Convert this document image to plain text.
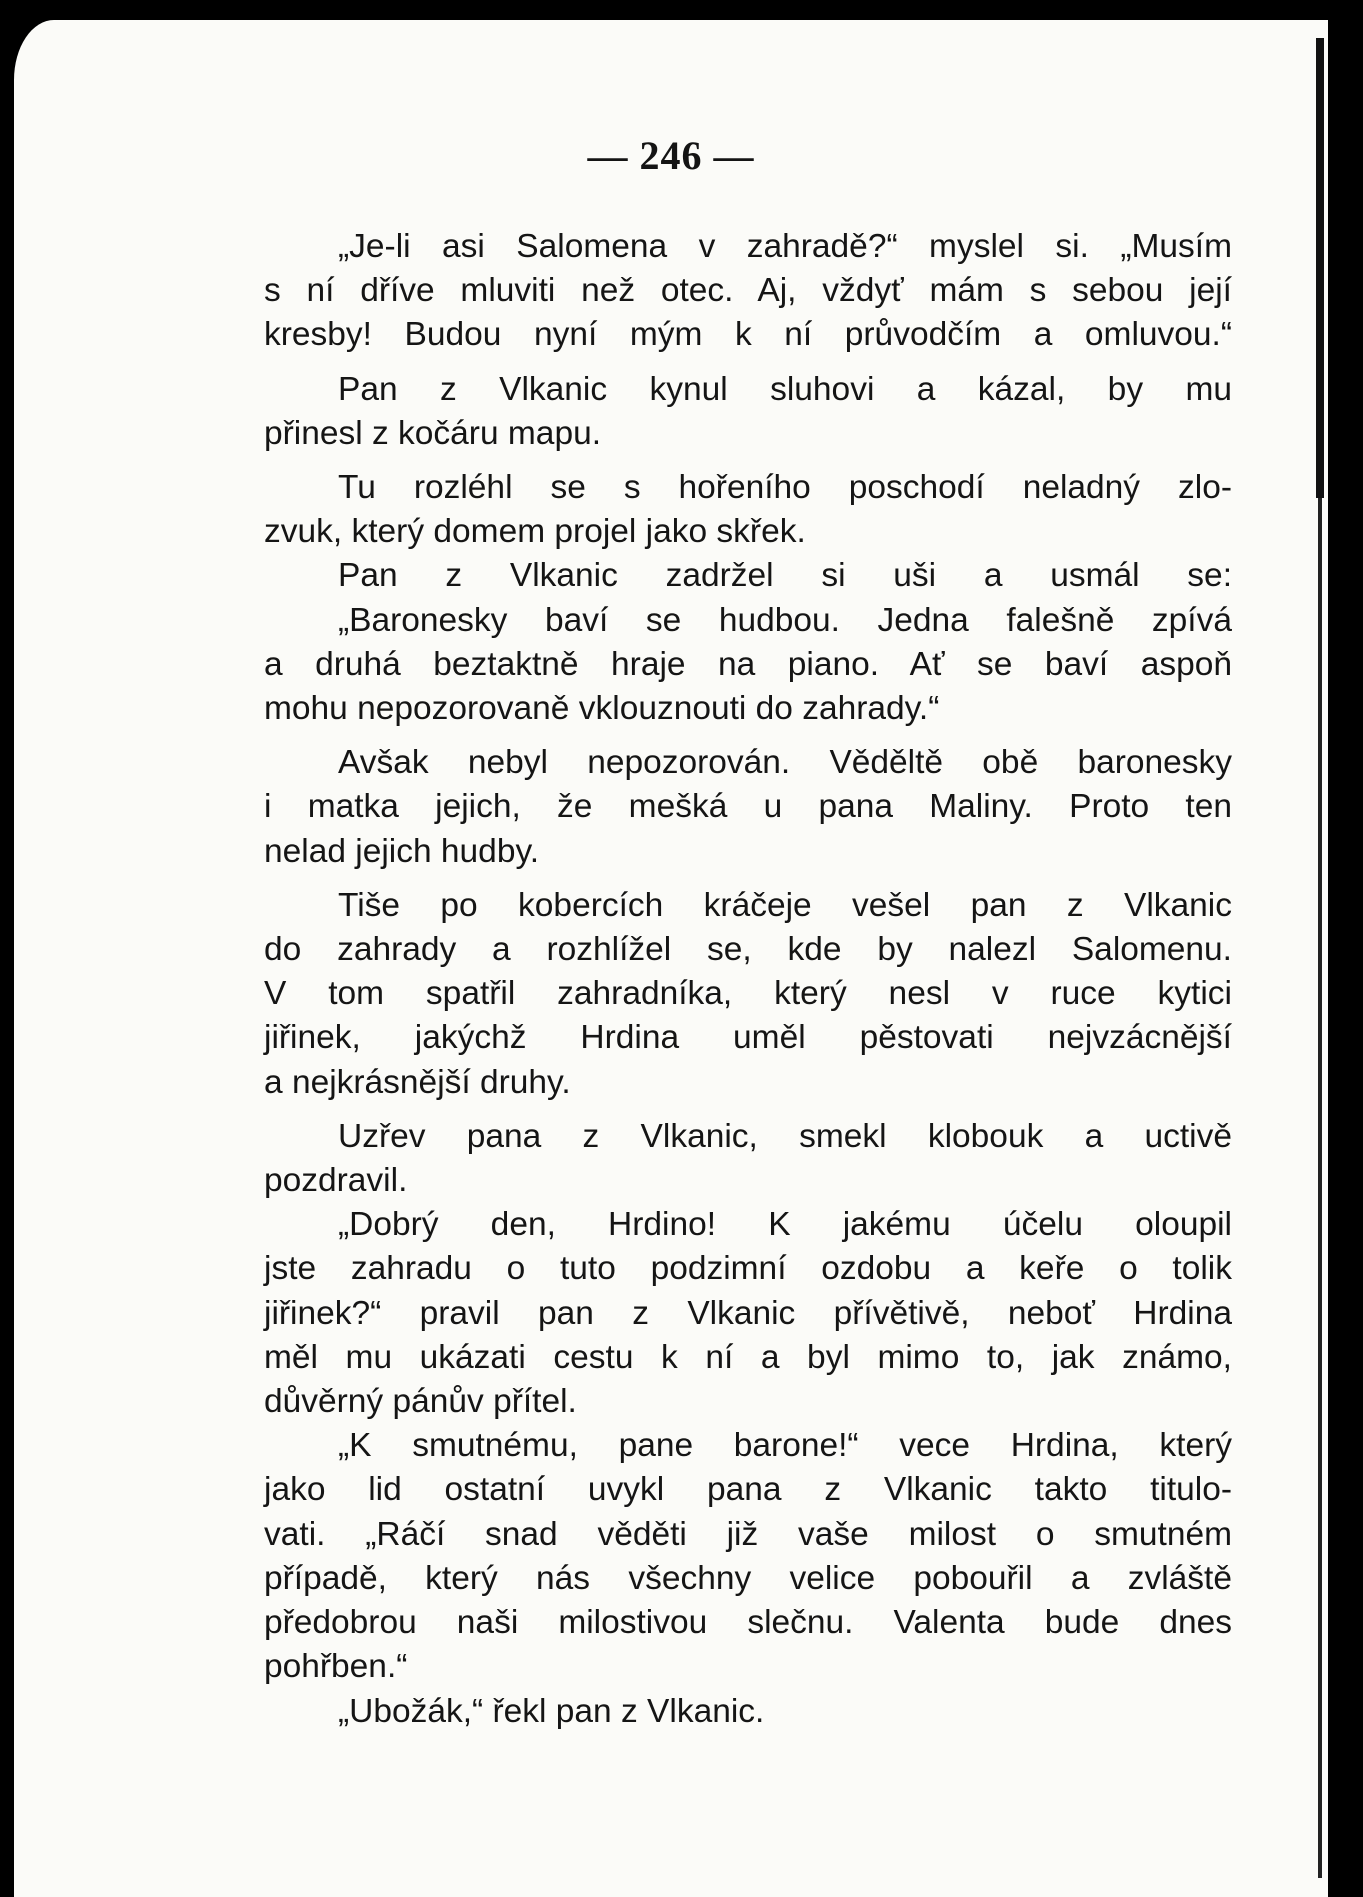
— 246 —
„Je-li asi Salomena v zahradě?“ myslel si. „Musím
s ní dříve mluviti než otec. Aj, vždyť mám s sebou její
kresby! Budou nyní mým k ní průvodčím a omluvou.“
Pan z Vlkanic kynul sluhovi a kázal, by mu
přinesl z kočáru mapu.
Tu rozléhl se s hořeního poschodí neladný zlo-
zvuk, který domem projel jako skřek.
Pan z Vlkanic zadržel si uši a usmál se:
„Baronesky baví se hudbou. Jedna falešně zpívá
a druhá beztaktně hraje na piano. Ať se baví aspoň
mohu nepozorovaně vklouznouti do zahrady.“
Avšak nebyl nepozorován. Věděltě obě baronesky
i matka jejich, že mešká u pana Maliny. Proto ten
nelad jejich hudby.
Tiše po kobercích kráčeje vešel pan z Vlkanic
do zahrady a rozhlížel se, kde by nalezl Salomenu.
V tom spatřil zahradníka, který nesl v ruce kytici
jiřinek, jakýchž Hrdina uměl pěstovati nejvzácnější
a nejkrásnější druhy.
Uzřev pana z Vlkanic, smekl klobouk a uctivě
pozdravil.
„Dobrý den, Hrdino! K jakému účelu oloupil
jste zahradu o tuto podzimní ozdobu a keře o tolik
jiřinek?“ pravil pan z Vlkanic přívětivě, neboť Hrdina
měl mu ukázati cestu k ní a byl mimo to, jak známo,
důvěrný pánův přítel.
„K smutnému, pane barone!“ vece Hrdina, který
jako lid ostatní uvykl pana z Vlkanic takto titulo-
vati. „Ráčí snad věděti již vaše milost o smutném
případě, který nás všechny velice pobouřil a zvláště
předobrou naši milostivou slečnu. Valenta bude dnes
pohřben.“
„Ubožák,“ řekl pan z Vlkanic.
